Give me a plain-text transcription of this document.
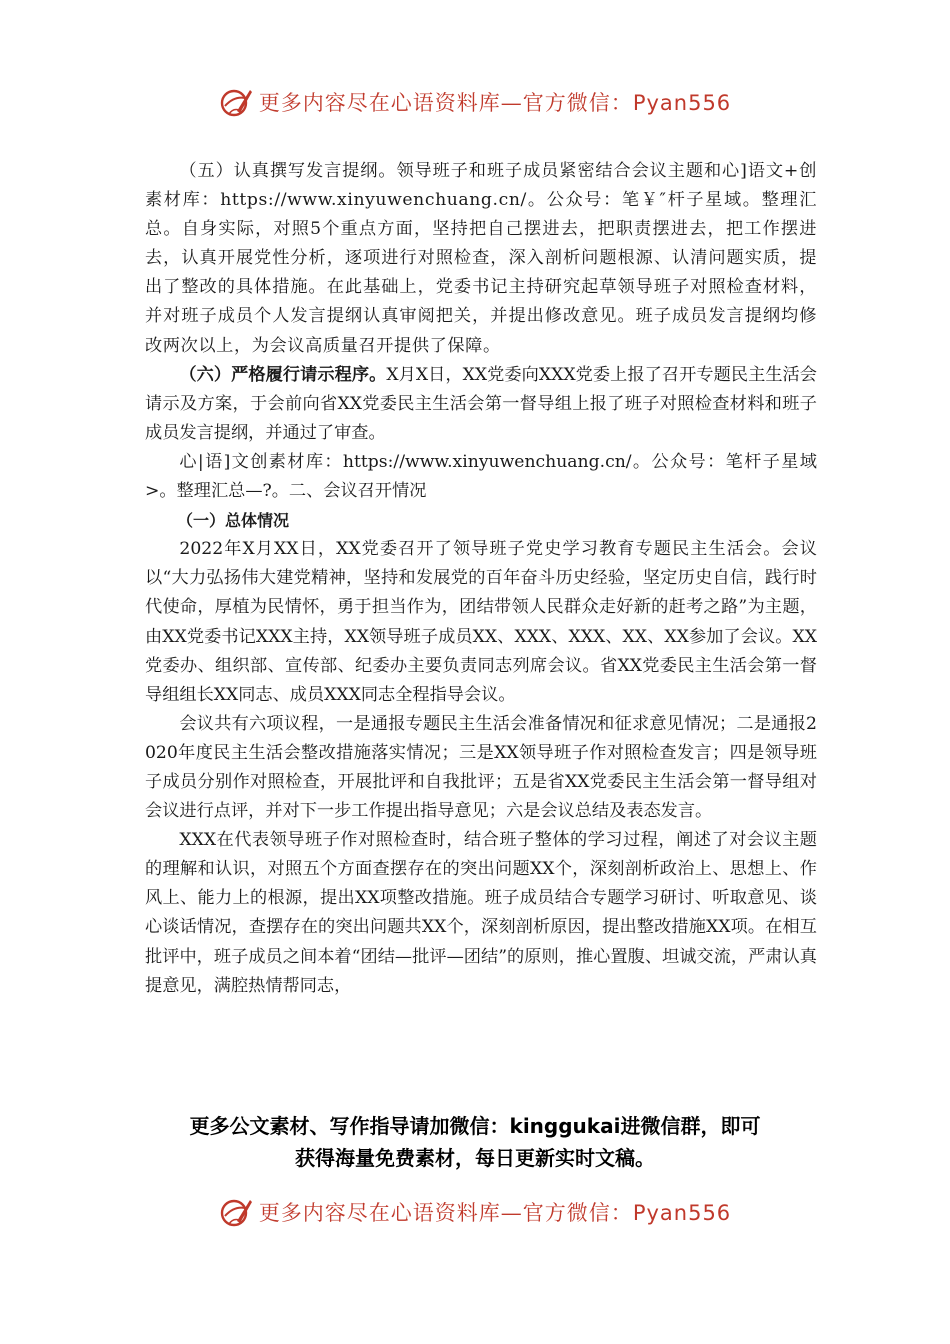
更多内容尽在心语资料库—官方微信：Pyan556

（五）认真撰写发言提纲。领导班子和班子成员紧密结合会议主题和心]语文+创素材库：https://www.xinyuwenchuang.cn/。公众号：笔￥″杆子星域。整理汇总。自身实际，对照5个重点方面，坚持把自己摆进去，把职责摆进去，把工作摆进去，认真开展党性分析，逐项进行对照检查，深入剖析问题根源、认清问题实质，提出了整改的具体措施。在此基础上，党委书记主持研究起草领导班子对照检查材料，并对班子成员个人发言提纲认真审阅把关，并提出修改意见。班子成员发言提纲均修改两次以上，为会议高质量召开提供了保障。

（六）严格履行请示程序。X月X日，XX党委向XXX党委上报了召开专题民主生活会请示及方案，于会前向省XX党委民主生活会第一督导组上报了班子对照检查材料和班子成员发言提纲，并通过了审查。

心|语]文创素材库：https://www.xinyuwenchuang.cn/。公众号：笔杆子星域>。整理汇总—?。二、会议召开情况

（一）总体情况

2022年X月XX日，XX党委召开了领导班子党史学习教育专题民主生活会。会议以“大力弘扬伟大建党精神，坚持和发展党的百年奋斗历史经验，坚定历史自信，践行时代使命，厚植为民情怀，勇于担当作为，团结带领人民群众走好新的赶考之路”为主题，由XX党委书记XXX主持，XX领导班子成员XX、XXX、XXX、XX、XX参加了会议。XX党委办、组织部、宣传部、纪委办主要负责同志列席会议。省XX党委民主生活会第一督导组组长XX同志、成员XXX同志全程指导会议。

会议共有六项议程，一是通报专题民主生活会准备情况和征求意见情况；二是通报2020年度民主生活会整改措施落实情况；三是XX领导班子作对照检查发言；四是领导班子成员分别作对照检查，开展批评和自我批评；五是省XX党委民主生活会第一督导组对会议进行点评，并对下一步工作提出指导意见；六是会议总结及表态发言。

XXX在代表领导班子作对照检查时，结合班子整体的学习过程，阐述了对会议主题的理解和认识，对照五个方面查摆存在的突出问题XX个，深刻剖析政治上、思想上、作风上、能力上的根源，提出XX项整改措施。班子成员结合专题学习研讨、听取意见、谈心谈话情况，查摆存在的突出问题共XX个，深刻剖析原因，提出整改措施XX项。在相互批评中，班子成员之间本着“团结—批评—团结”的原则，推心置腹、坦诚交流，严肃认真提意见，满腔热情帮同志，

更多公文素材、写作指导请加微信：kinggukai进微信群，即可
获得海量免费素材，每日更新实时文稿。
更多内容尽在心语资料库—官方微信：Pyan556
